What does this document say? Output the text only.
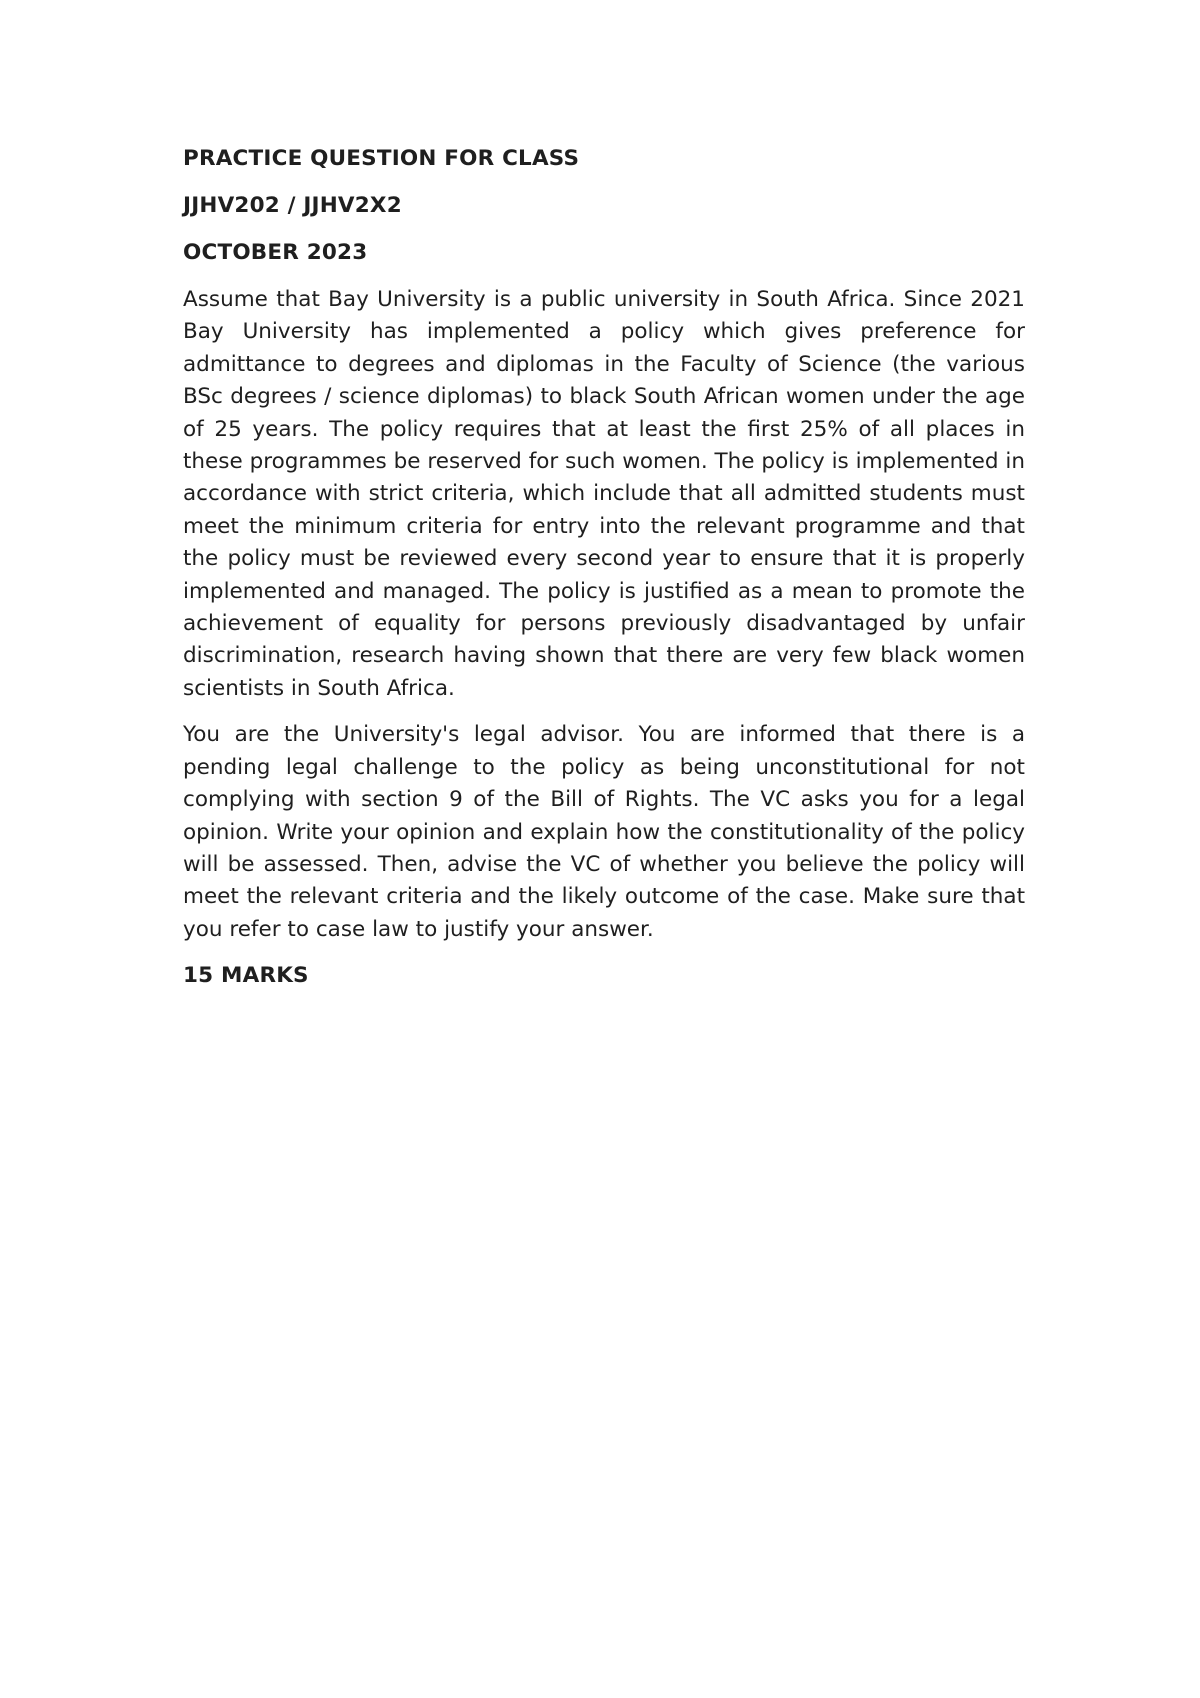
PRACTICE QUESTION FOR CLASS

JJHV202 / JJHV2X2

OCTOBER 2023

Assume that Bay University is a public university in South Africa. Since 2021 Bay University has implemented a policy which gives preference for admittance to degrees and diplomas in the Faculty of Science (the various BSc degrees / science diplomas) to black South African women under the age of 25 years. The policy requires that at least the first 25% of all places in these programmes be reserved for such women. The policy is implemented in accordance with strict criteria, which include that all admitted students must meet the minimum criteria for entry into the relevant programme and that the policy must be reviewed every second year to ensure that it is properly implemented and managed. The policy is justified as a mean to promote the achievement of equality for persons previously disadvantaged by unfair discrimination, research having shown that there are very few black women scientists in South Africa.

You are the University's legal advisor. You are informed that there is a pending legal challenge to the policy as being unconstitutional for not complying with section 9 of the Bill of Rights. The VC asks you for a legal opinion. Write your opinion and explain how the constitutionality of the policy will be assessed. Then, advise the VC of whether you believe the policy will meet the relevant criteria and the likely outcome of the case. Make sure that you refer to case law to justify your answer.

15 MARKS
